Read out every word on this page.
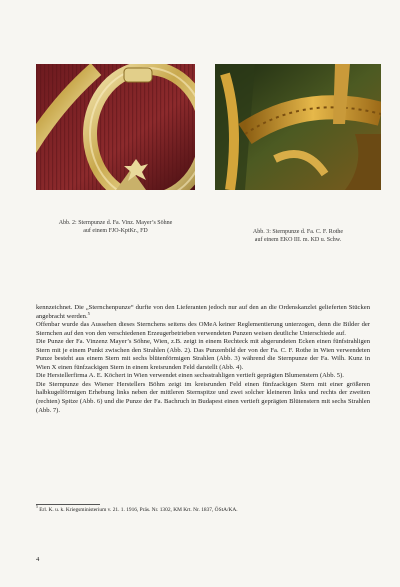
Abb. 2: Sternpunze d. Fa. Vinz. Mayer’s Söhne
auf einem FJO-KptKr., FD	Abb. 3: Sternpunze d. Fa. C. F. Rothe
auf einem EKO III. m. KD u. Schw.

kennzeichnet. Die „Sternchenpunze“ durfte von den Lieferanten jedoch nur auf den an die Ordenskanzlei gelieferten Stücken angebracht werden.$^5$

Offenbar wurde das Aussehen dieses Sternchens seitens des OMeA keiner Reglementierung unterzogen, denn die Bilder der Sternchen auf den von den verschiedenen Erzeugerbetrieben verwendeten Punzen weisen deutliche Unterschiede auf.

Die Punze der Fa. Vinzenz Mayer’s Söhne, Wien, z.B. zeigt in einem Rechteck mit abgerundeten Ecken einen fünfstrahligen Stern mit je einem Punkt zwischen den Strahlen (Abb. 2). Das Punzenbild der von der Fa. C. F. Rothe in Wien verwendeten Punze besteht aus einem Stern mit sechs blütenförmigen Strahlen (Abb. 3) während die Sternpunze der Fa. Wilh. Kunz in Wien X einen fünfzackigen Stern in einem kreisrunden Feld darstellt (Abb. 4).

Die Herstellerfirma A. E. Köchert in Wien verwendet einen sechsstrahligen vertieft geprägten Blumenstern (Abb. 5).

Die Sternpunze des Wiener Herstellers Böhm zeigt im kreisrunden Feld einen fünfzackigen Stern mit einer größeren halbkugelförmigen Erhebung links neben der mittleren Sternspitze und zwei solcher kleineren links und rechts der zweiten (rechten) Spitze (Abb. 6) und die Punze der Fa. Bachruch in Budapest einen vertieft geprägten Blütenstern mit sechs Strahlen (Abb. 7).

$^5$ Erl. K. u. k. Kriegsministerium v. 21. 1. 1916, Präs. Nr. 1302, KM Krt. Nr. 1837, ÖStA/KA.
4
